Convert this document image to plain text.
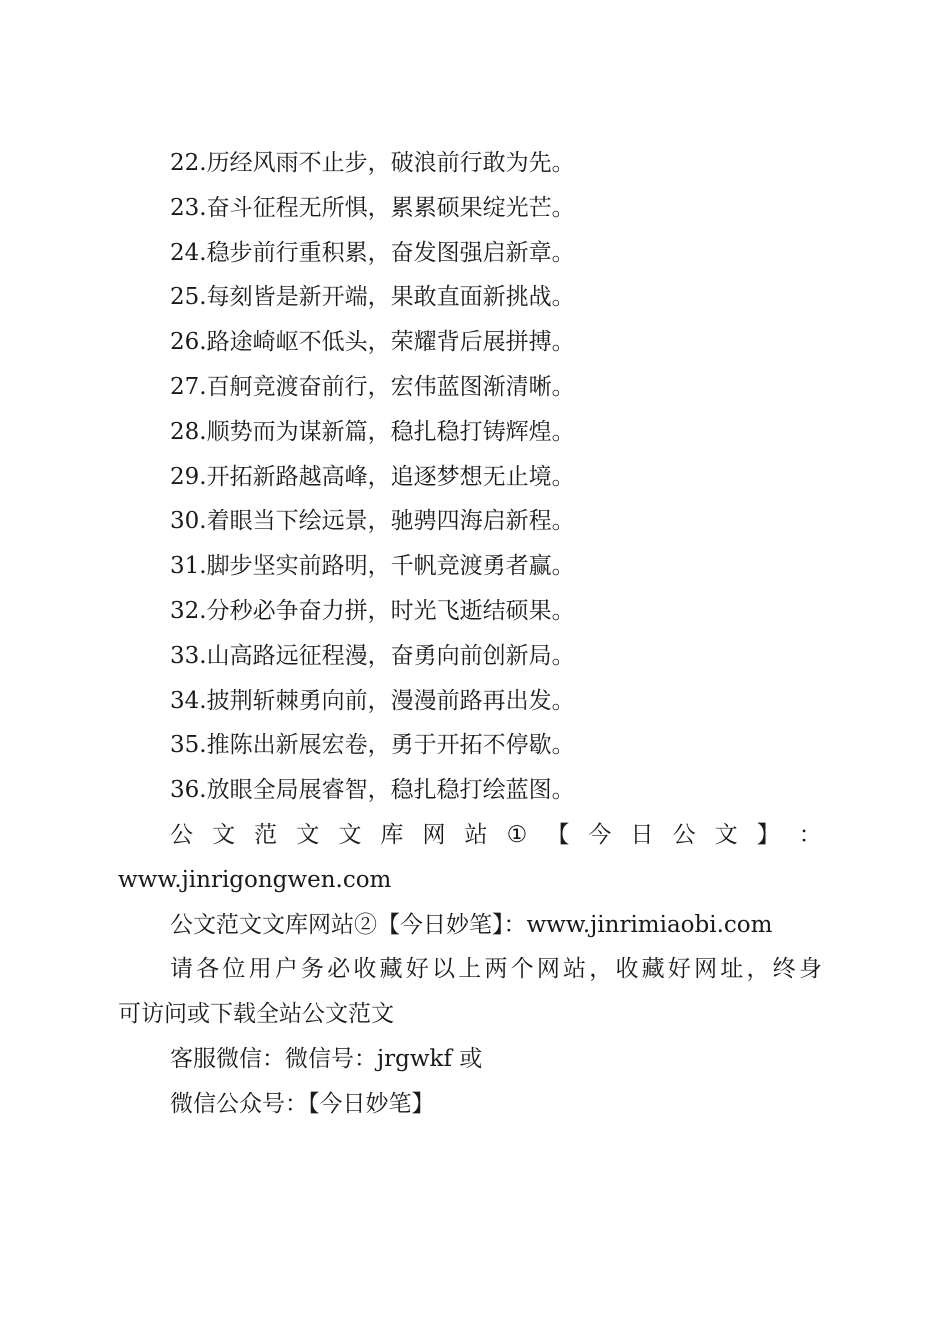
22.历经风雨不止步，破浪前行敢为先。
23.奋斗征程无所惧，累累硕果绽光芒。
24.稳步前行重积累，奋发图强启新章。
25.每刻皆是新开端，果敢直面新挑战。
26.路途崎岖不低头，荣耀背后展拼搏。
27.百舸竞渡奋前行，宏伟蓝图渐清晰。
28.顺势而为谋新篇，稳扎稳打铸辉煌。
29.开拓新路越高峰，追逐梦想无止境。
30.着眼当下绘远景，驰骋四海启新程。
31.脚步坚实前路明，千帆竞渡勇者赢。
32.分秒必争奋力拼，时光飞逝结硕果。
33.山高路远征程漫，奋勇向前创新局。
34.披荆斩棘勇向前，漫漫前路再出发。
35.推陈出新展宏卷，勇于开拓不停歇。
36.放眼全局展睿智，稳扎稳打绘蓝图。
公 文 范 文 文 库 网 站 ① 【 今 日 公 文 】 ：
www.jinrigongwen.com
公文范文文库网站②【今日妙笔】：www.jinrimiaobi.com
请 各 位 用 户 务 必 收 藏 好 以 上 两 个 网 站 ， 收 藏 好 网 址 ， 终 身
可访问或下载全站公文范文
客服微信：微信号：jrgwkf 或
微信公众号：【今日妙笔】
